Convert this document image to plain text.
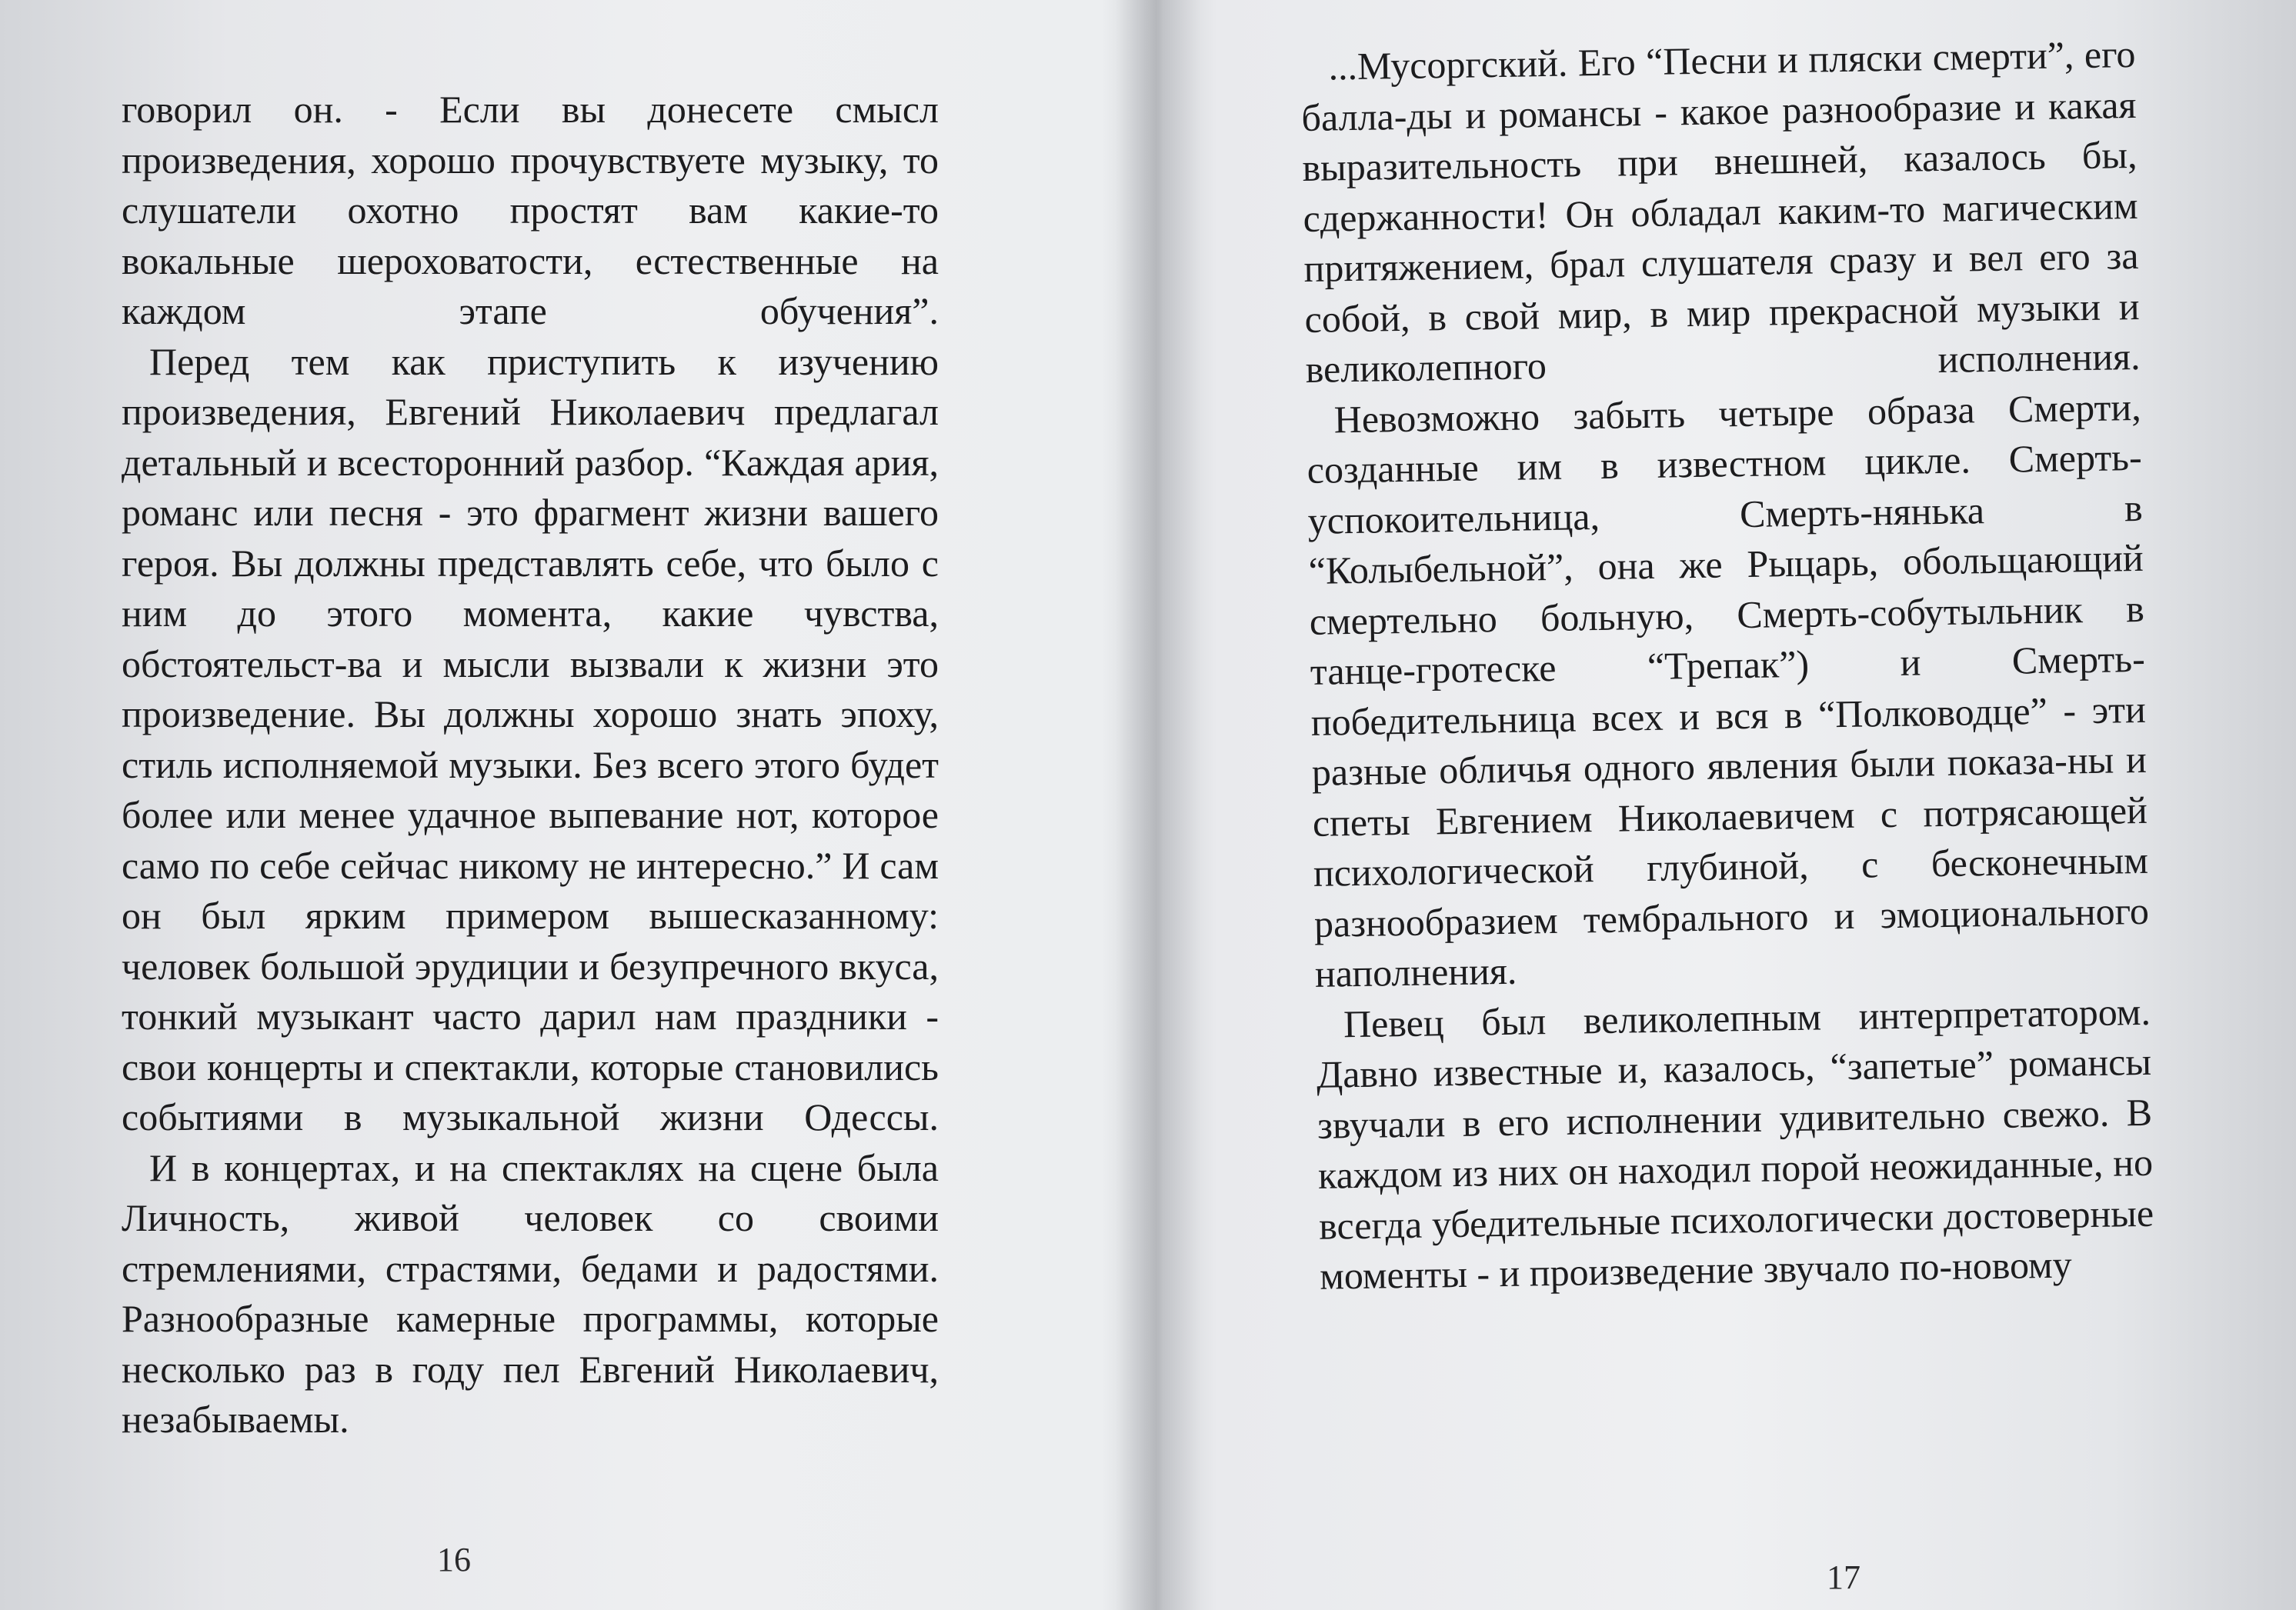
говорил он. - Если вы донесете смысл произведения, хорошо прочувствуете музыку, то слушатели охотно простят вам какие-то вокальные шероховатости, естественные на каждом этапе обучения”.

Перед тем как приступить к изучению произведения, Евгений Николаевич предлагал детальный и всесторонний разбор. “Каждая ария, романс или песня - это фрагмент жизни вашего героя. Вы должны представлять себе, что было с ним до этого момента, какие чувства, обстоятельст-ва и мысли вызвали к жизни это произведение. Вы должны хорошо знать эпоху, стиль исполняемой музыки. Без всего этого будет более или менее удачное выпевание нот, которое само по себе сейчас никому не интересно.” И сам он был ярким примером вышесказанному: человек большой эрудиции и безупречного вкуса, тонкий музыкант часто дарил нам праздники - свои концерты и спектакли, которые становились событиями в музыкальной жизни Одессы.

И в концертах, и на спектаклях на сцене была Личность, живой человек со своими стремлениями, страстями, бедами и радостями. Разнообразные камерные программы, которые несколько раз в году пел Евгений Николаевич, незабываемы.

16

...Мусоргский. Его “Песни и пляски смерти”, его балла-ды и романсы - какое разнообразие и какая выразительность при внешней, казалось бы, сдержанности! Он обладал каким-то магическим притяжением, брал слушателя сразу и вел его за собой, в свой мир, в мир прекрасной музыки и великолепного исполнения.

Невозможно забыть четыре образа Смерти, созданные им в известном цикле. Смерть-успокоительница, Смерть-нянька в “Колыбельной”, она же Рыцарь, обольщающий смертельно больную, Смерть-собутыльник в танце-гротеске “Трепак”) и Смерть-победительница всех и вся в “Полководце” - эти разные обличья одного явления были показа-ны и спеты Евгением Николаевичем с потрясающей психологической глубиной, с бесконечным разнообразием тембрального и эмоционального наполнения.

Певец был великолепным интерпретатором. Давно известные и, казалось, “запетые” романсы звучали в его исполнении удивительно свежо. В каждом из них он находил порой неожиданные, но всегда убедительные психологически достоверные моменты - и произведение звучало по-новому

17
